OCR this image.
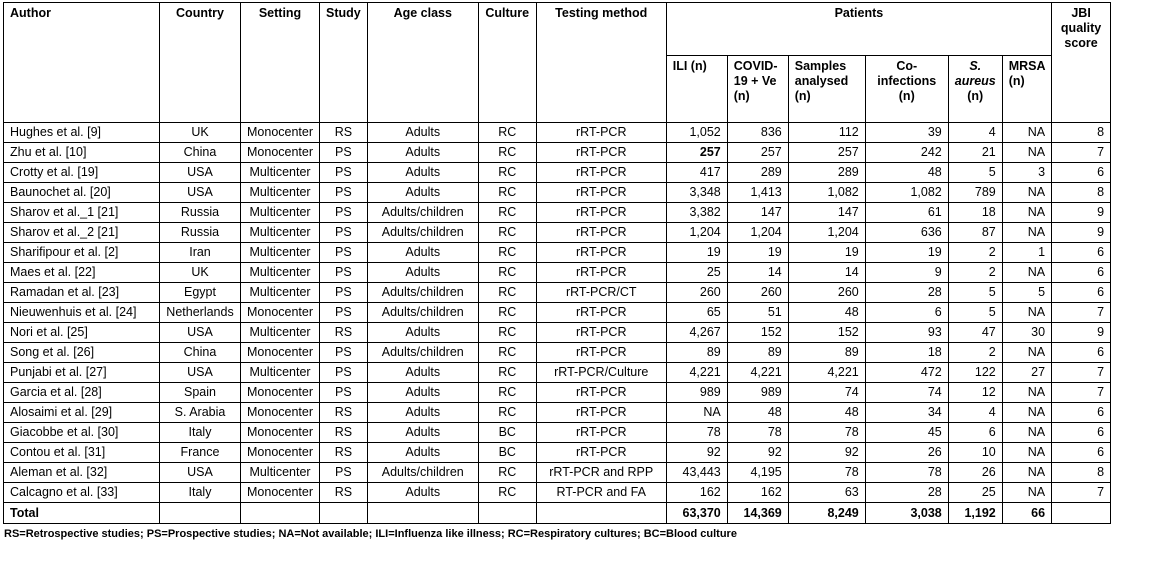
Author	Country	Setting	Study	Age class	Culture	Testing method	Patients						JBI quality score
							ILI (n)	COVID-19 + Ve (n)	Samples analysed (n)	Co-infections (n)	S. aureus (n)	MRSA (n)	
Hughes et al. [9]	UK	Monocenter	RS	Adults	RC	rRT-PCR	1,052	836	112	39	4	NA	8
Zhu et al. [10]	China	Monocenter	PS	Adults	RC	rRT-PCR	257	257	257	242	21	NA	7
Crotty et al. [19]	USA	Multicenter	PS	Adults	RC	rRT-PCR	417	289	289	48	5	3	6
Baunochet al. [20]	USA	Multicenter	PS	Adults	RC	rRT-PCR	3,348	1,413	1,082	1,082	789	NA	8
Sharov et al._1 [21]	Russia	Multicenter	PS	Adults/children	RC	rRT-PCR	3,382	147	147	61	18	NA	9
Sharov et al._2 [21]	Russia	Multicenter	PS	Adults/children	RC	rRT-PCR	1,204	1,204	1,204	636	87	NA	9
Sharifipour et al. [2]	Iran	Multicenter	PS	Adults	RC	rRT-PCR	19	19	19	19	2	1	6
Maes et al. [22]	UK	Multicenter	PS	Adults	RC	rRT-PCR	25	14	14	9	2	NA	6
Ramadan et al. [23]	Egypt	Multicenter	PS	Adults/children	RC	rRT-PCR/CT	260	260	260	28	5	5	6
Nieuwenhuis et al. [24]	Netherlands	Monocenter	PS	Adults/children	RC	rRT-PCR	65	51	48	6	5	NA	7
Nori et al. [25]	USA	Multicenter	RS	Adults	RC	rRT-PCR	4,267	152	152	93	47	30	9
Song et al. [26]	China	Monocenter	PS	Adults/children	RC	rRT-PCR	89	89	89	18	2	NA	6
Punjabi et al. [27]	USA	Multicenter	PS	Adults	RC	rRT-PCR/Culture	4,221	4,221	4,221	472	122	27	7
Garcia et al. [28]	Spain	Monocenter	PS	Adults	RC	rRT-PCR	989	989	74	74	12	NA	7
Alosaimi et al. [29]	S. Arabia	Monocenter	RS	Adults	RC	rRT-PCR	NA	48	48	34	4	NA	6
Giacobbe et al. [30]	Italy	Monocenter	RS	Adults	BC	rRT-PCR	78	78	78	45	6	NA	6
Contou et al. [31]	France	Monocenter	RS	Adults	BC	rRT-PCR	92	92	92	26	10	NA	6
Aleman et al. [32]	USA	Multicenter	PS	Adults/children	RC	rRT-PCR and RPP	43,443	4,195	78	78	26	NA	8
Calcagno et al. [33]	Italy	Monocenter	RS	Adults	RC	RT-PCR and FA	162	162	63	28	25	NA	7
Total							63,370	14,369	8,249	3,038	1,192	66	
RS=Retrospective studies; PS=Prospective studies; NA=Not available; ILI=Influenza like illness; RC=Respiratory cultures; BC=Blood culture
